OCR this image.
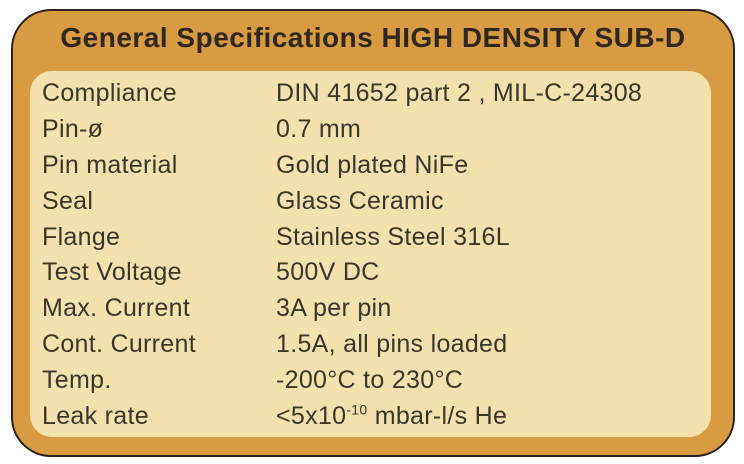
General Specifications HIGH DENSITY SUB-D
Compliance	DIN 41652 part 2 , MIL-C-24308
Pin-ø	0.7 mm
Pin material	Gold plated NiFe
Seal	Glass Ceramic
Flange	Stainless Steel 316L
Test Voltage	500V DC
Max. Current	3A per pin
Cont. Current	1.5A, all pins loaded
Temp.	-200°C to 230°C
Leak rate	$<5x10^{-10}$ mbar-l/s He
